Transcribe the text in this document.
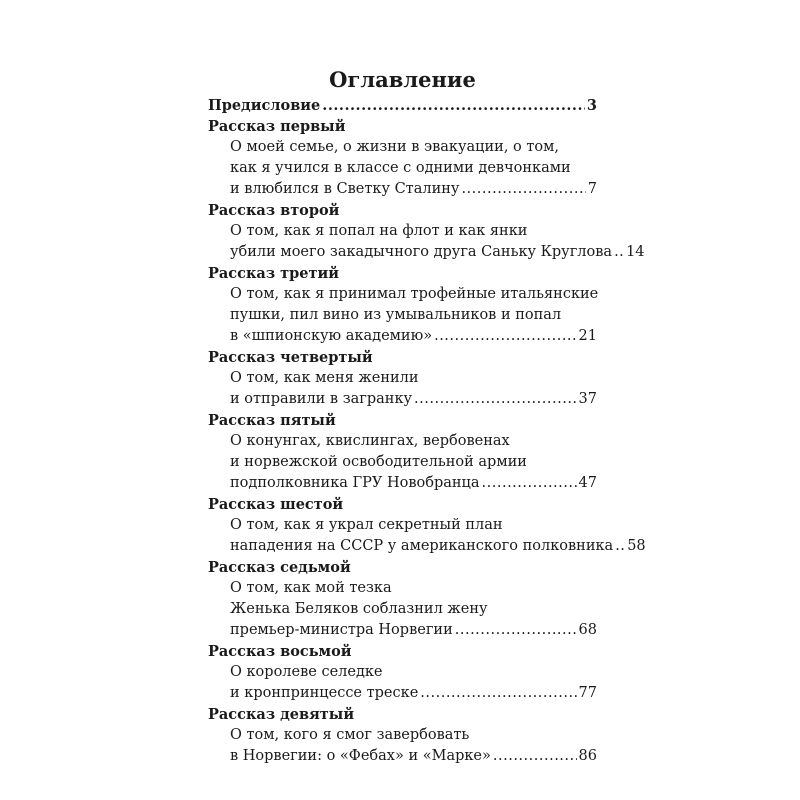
Оглавление
Предисловие .....	3
Рассказ первый
О моей семье, о жизни в эвакуации, о том,
как я учился в классе с одними девчонками
и влюбился в Светку Сталину .....	7
Рассказ второй
О том, как я попал на флот и как янки
убили моего закадычного друга Саньку Круглова ..... 14
Рассказ третий
О том, как я принимал трофейные итальянские
пушки, пил вино из умывальников и попал
в «шпионскую академию» .....	21
Рассказ четвертый
О том, как меня женили
и отправили в загранку .....	37
Рассказ пятый
О конунгах, квислингах, вербовенах
и норвежской освободительной армии
подполковника ГРУ Новобранца .....	47
Рассказ шестой
О том, как я украл секретный план
нападения на СССР у американского полковника ..... 58
Рассказ седьмой
О том, как мой тезка
Женька Беляков соблазнил жену
премьер-министра Норвегии .....	68
Рассказ восьмой
О королеве селедке
и кронпринцессе треске .....	77
Рассказ девятый
О том, кого я смог завербовать
в Норвегии: о «Фебах» и «Марке» .....	86
